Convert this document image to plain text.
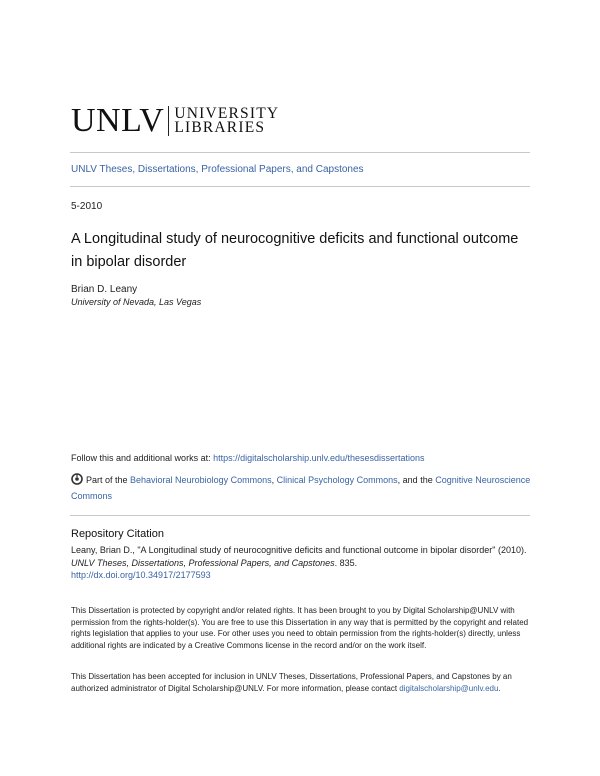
UNLV UNIVERSITY
LIBRARIES
UNLV Theses, Dissertations, Professional Papers, and Capstones
5-2010
A Longitudinal study of neurocognitive deficits and functional outcome in bipolar disorder
Brian D. Leany
University of Nevada, Las Vegas
Follow this and additional works at: https://digitalscholarship.unlv.edu/thesesdissertations
Part of the Behavioral Neurobiology Commons, Clinical Psychology Commons, and the Cognitive Neuroscience Commons
Repository Citation
Leany, Brian D., "A Longitudinal study of neurocognitive deficits and functional outcome in bipolar disorder" (2010). UNLV Theses, Dissertations, Professional Papers, and Capstones. 835.
http://dx.doi.org/10.34917/2177593

This Dissertation is protected by copyright and/or related rights. It has been brought to you by Digital Scholarship@UNLV with permission from the rights-holder(s). You are free to use this Dissertation in any way that is permitted by the copyright and related rights legislation that applies to your use. For other uses you need to obtain permission from the rights-holder(s) directly, unless additional rights are indicated by a Creative Commons license in the record and/or on the work itself.

This Dissertation has been accepted for inclusion in UNLV Theses, Dissertations, Professional Papers, and Capstones by an authorized administrator of Digital Scholarship@UNLV. For more information, please contact digitalscholarship@unlv.edu.
